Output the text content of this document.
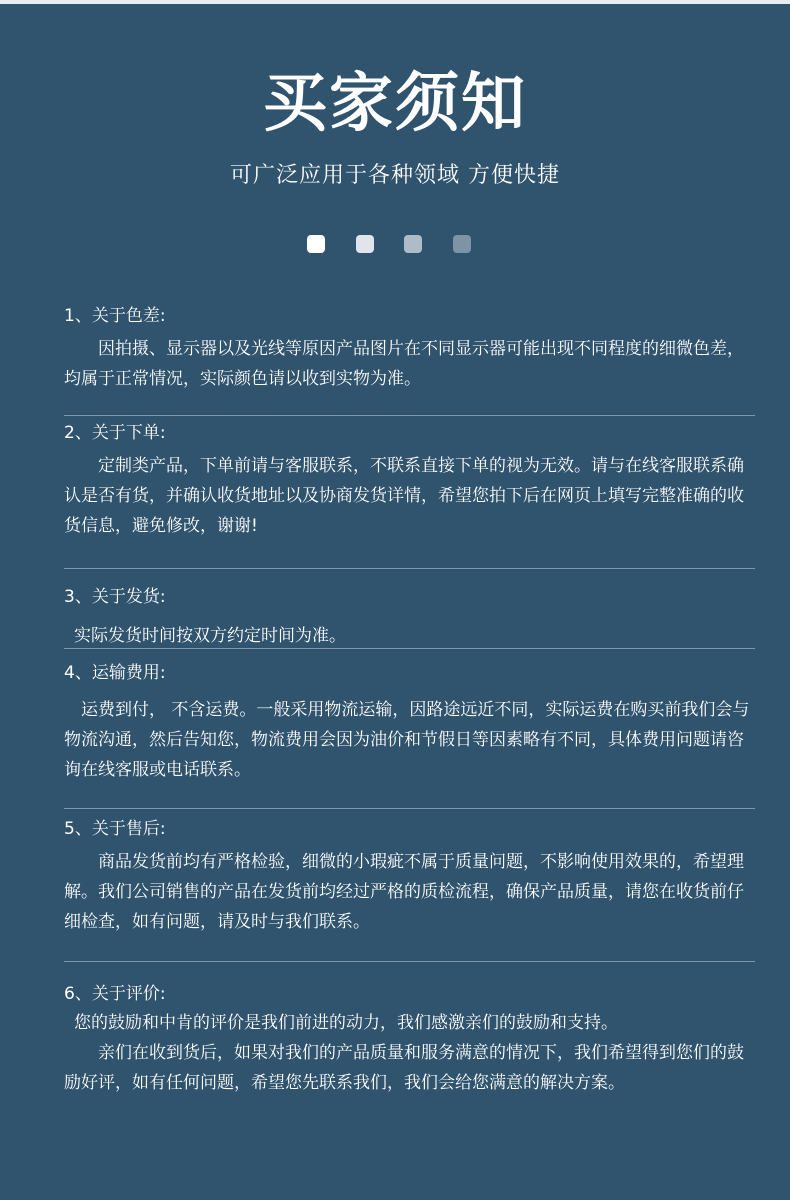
买家须知
可广泛应用于各种领域 方便快捷
1、关于色差:

因拍摄、显示器以及光线等原因产品图片在不同显示器可能出现不同程度的细微色差，均属于正常情况，实际颜色请以收到实物为准。

2、关于下单:

定制类产品，下单前请与客服联系，不联系直接下单的视为无效。请与在线客服联系确认是否有货，并确认收货地址以及协商发货详情，希望您拍下后在网页上填写完整准确的收货信息，避免修改，谢谢!

3、关于发货:

实际发货时间按双方约定时间为准。

4、运输费用:

运费到付， 不含运费。一般采用物流运输，因路途远近不同，实际运费在购买前我们会与物流沟通，然后告知您，物流费用会因为油价和节假日等因素略有不同，具体费用问题请咨询在线客服或电话联系。

5、关于售后:

商品发货前均有严格检验，细微的小瑕疵不属于质量问题，不影响使用效果的，希望理解。我们公司销售的产品在发货前均经过严格的质检流程，确保产品质量，请您在收货前仔细检查，如有问题，请及时与我们联系。

6、关于评价:

您的鼓励和中肯的评价是我们前进的动力，我们感激亲们的鼓励和支持。

亲们在收到货后，如果对我们的产品质量和服务满意的情况下，我们希望得到您们的鼓励好评，如有任何问题，希望您先联系我们，我们会给您满意的解决方案。
